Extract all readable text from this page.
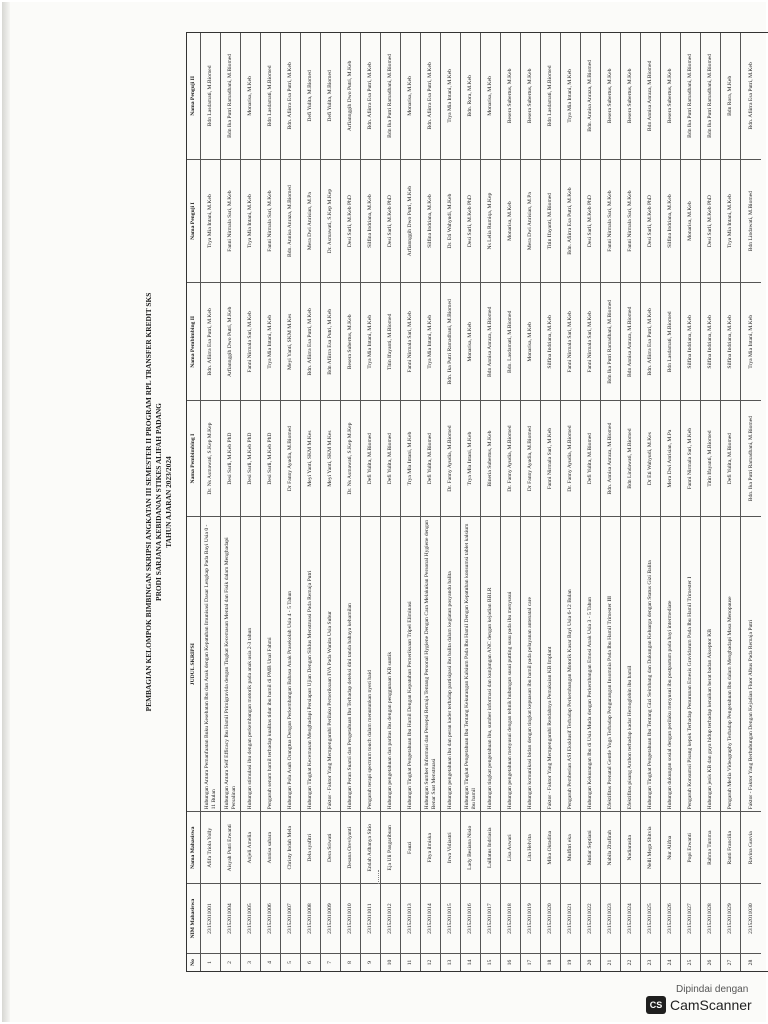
PEMBAGIAN KELOMPOK BIMBINGAN SKRIPSI ANGKATAN III SEMESTER II PROGRAM RPL TRANSFER KREDIT SKS PRODI SARJANA KEBIDANAN STIKES ALIFAH PADANG TAHUN AJARAN 2023/2024
No
NIM Mahasiswa
Nama Mahasiswa
JUDUL SKRIPSI
Nama Pembimbing I
Nama Pembimbing II
Nama Penguji I
Nama Penguji II
1
23152011001
Afifa Triola Yolly
Hubungan Antara Pemanfaatan Buku Kesehatan Ibu dan Anak dengan Kepatuhan Imunisasi Dasar Lengkap Pada Bayi Usia 0 - 11 Bulan
Dr. Ns Asmawati, S.Kep M.Kep
Bdn. Afiirra Esa Putri, M.Keb
Trya Mia Intani, M.Keb
Bdn Lasdamati, M.Biomed
2
23152011004
Aisyah Putri Erwanti
Hubungan Antara Self Efficacy Ibu Hamil Primigravida dengan Tingkat Kecemasan Mental dan Fisik dalam Menghadapi Persalinan
Desi Sarli, M.Keb PhD
Arfiannggih Dwo Putri, M.Keb
Fanni Nirmala Sari, M.Keb
Bdn Ika Putri Ramadhani, M.Biomed
3
23152011005
Anjeli Amelia
Hubungan stimulasi ibu dengan perkembangan motorik pada anak usia 2-3 tahun
Desi Sarli, M.Keb PhD
Fanni Nirmala Sari, M.Keb
Trya Mia Intani, M.Keb
Monarisa, M.Keb
4
23152011006
Annisa sahara
Pengaruh senam hamil terhadap kualitas tidur ibu hamil di PMB Unal Fahmi
Desi Sarli, M.Keb PhD
Trya Mia Intani, M.Keb
Fanni Nirmala Sari, M.Keb
Bdn Lasdamati, M.Biomed
5
23152011007
Christy Indah Mela
Hubungan Pola Asuh Orangtua Dengan Perkembangan Bahasa Anak Prasekolah Usia 4 - 5 Tahun
Dr Fanny Ayudia, M.Biomed
Meyi Yanti, SKM M.Kes
Bdn. Annisa Anraza, M.Biomed
Bdn. Afiirra Esa Putri, M.Keb
6
23152011008
Dela syafitri
Hubungan Tingkat Kecemasan Menghadapi Persiapan Ujian Dengan Siklus Menstruasi Pada Remaja Putri
Meyi Yanti, SKM M.Kes
Bdn. Afiirra Esa Putri, M.Keb
Mera Dwi Anrisian, M.Pa
Defi Yulita, M.Biomed
7
23152011009
Dera Sriwati
Faktor - Faktor Yang Mempengaruhi Perilaku Pemeriksaan IVA Pada Wanita Usia Subur
Meyi Yanti, SKM M.Kes
Bdn Afiirra Esa Putri, M.Keb
Dr. Asmawati, S.Kep M.Kep
Defi Yulita, M.Biomed
8
23152011010
Desana Oreviyanti
Hubungan Peran Suami dan Pengetahuan Ibu Terhadap deteksi dini tanda bahaya kehamilan
Dr. Ns Asmawati, S.Kep M.Kep
Besera Subertus, M.Keb
Desi Sarli, M.Keb PhD
Arfiannggih Dwo Putri, M.Keb
9
23152011011
Endah Adhanya Sitio
Pengaruh terapi spectrum touch dalam menurunkan nyeri haid
Defi Yulita, M.Biomed
Trya Mia Intani, M.Keb
Silfina Indriana, M.Keb
Bdn. Afiirra Esa Putri, M.Keb
10
23152011012
Eja Uli Pangaribuan
Hubungan pengetahuan dan paritas ibu dengan penggunaan KB suntik
Defi Yulita, M.Biomed
Titin Ifayanti, M.Biomed
Desi Sarli, M.Keb PhD
Bdn Ika Putri Ramadhani, M.Biomed
11
23152011013
Fauzi
Hubungan Tingkat Pengetahuan Ibu Hamil Dengan Kepatuhan Pemeriksaan Tripel Eliminasi
Trya Mia Intani, M.Keb
Fanni Nirmala Sari, M.Keb
Arfiannggih Dwo Putri, M.Keb
Monarisa, M.Keb
12
23152011014
Fitya ilmiska
Hubungan Sumber Informasi dan Persepsi Remaja Tentang Personal Hygiene Dengan Cara Melakukan Personal Hygiene dengan Benar Saat Menstruasi
Defi Yulita, M.Biomed
Trya Mia Intani, M.Keb
Silfina Indriana, M.Keb
Bdn. Afiirra Esa Putri, M.Keb
13
23152011015
Irwa Vidiastri
Hubungan pengetahuan ibu dan peran kader terhadap partisipasi ibu balita dalam kegiatan posyandu balita
Dr. Fanny Ayudia, M.Biomed
Bdn. Ika Putri Ramadhani, M.Biomed
Dr. Eti Wahyudi, M.Keb
Trya Mia Intani, M.Keb
14
23152011016
Lady Besiana Nisio
Hubungan Tingkat Pengetahuan Ibu Tentang Kekurangan Kalsium Pada Ibu Hamil Dengan Kepatuhan konsumsi tablet kalsium ibu hamil
Trya Mia Intani, M.Keb
Monarisa, M.Keb
Desi Sarli, M.Keb PhD
Bdn. Rora, M.Keb
15
23152011017
Laillatus Indriasia
Hubungan tingkat pengetahuan ibu, sumber informasi dan kunjungan ANC dengan kejadian BBLR
Bineria Subertus, M.Keb
Bdn Annisa Anraza, M.Biomed
Ns Lelia Rumiqa, M.Kep
Monarisa, M.Keb
16
23152011018
Lisa Aswari
Hubungan pengetahuan menyusui dengan tehnik hubungan susui putting susu pada ibu menyusui
Dr. Fanny Ayudia, M.Biomed
Bdn. Lasdamati, M.Biomed
Monarisa, M.Keb
Besera Subertus, M.Keb
17
23152011019
Lita Helvita
Hubungan komunikasi bidan dengan tingkat kepuasan ibu hamil pada pelayanan antenatal care
Dr Fanny Ayudia, M.Biomed
Monarisa, M.Keb
Mera Dwi Anrisian, M.Pa
Besera Subertus, M.Keb
18
23152011020
Mika Oktadina
Faktor - Faktor Yang Mempengaruhi Rendahnya Pemakaian KB Implant
Fanni Nirmala Sari, M.Keb
Silfina Indriana, M.Keb
Titin Ifayanti, M.Biomed
Bdn Lasdamati, M.Biomed
19
23152011021
Mulfitri eka
Pengaruh Pemberian ASI Eksklusif Terhadap Perkembangan Motorik Kasar Bayi Usia 6-12 Bulan
Dr. Fanny Ayudia, M.Biomed
Fanni Nirmala Sari, M.Keb
Bdn. Afiirra Esa Putri, M.Keb
Trya Mia Intani, M.Keb
20
23152011022
Mutiar Septiani
Hubungan Kekurangan Ibu di Usia Muda dengan Perkembangan Emosi Anak Usia 3 - 5 Tahun
Defi Yulita, M.Biomed
Fanni Nirmala Sari, M.Keb
Desi Sarli, M.Keb PhD
Bdn. Annisa Anraza, M.Biomed
21
23152011023
Nabila Zhafirah
Efektifitas Prenatal Gentle Yoga Terhadap Pengurangan Insomnia Pada Ibu Hamil Trimester III
Bdn. Annisa Anraza, M.Biomed
Bdn Ika Putri Ramadhani, M.Biomed
Fanni Nirmala Sari, M.Keb
Besera Subertus, M.Keb
22
23152011024
Nadiarasita
Efektifitas pisang Ambon terhadap kadar Hemoglobin ibu hamil
Bdn Lindawati, M.Biomed
Bdn Annisa Anraza, M.Biomed
Fanni Nirmala Sari, M.Keb
Besera Subertus, M.Keb
23
23152011025
Nelli Mega Shitvia
Hubungan Tingkat Pengetahuan Ibu Tentang Gizi Seimbang dan Dukungan Keluarga dengan Status Gizi Balita
Dr Eti Wahyudi, M.Kes
Bdn. Afiirra Esa Putri, M.Keb
Desi Sarli, M.Keb PhD
Bdn Annisa Anraza, M.Biomed
24
23152011026
Nur Alifna
Hubungan dukungan sosial dengan perilaku menyusui ibu postpartum pada bayi intermediate
Mera Dwi Anrisian, M.Pa
Bdn Lasdamati, M.Biomed
Silfina Indriana, M.Keb
Besera Subertus, M.Keb
25
23152011027
Popi Erwanti
Pengaruh Konsumsi Pisang kepok Terhadap Penurunan Emesis Gravidarum Pada Ibu Hamil Trimester I
Fanni Nirmala Sari, M.Keb
Silfina Indriana, M.Keb
Monarisa, M.Keb
Bdn Ika Putri Ramadhani, M.Biomed
26
23152011028
Rahma Tumma
Hubungan jenis KB dan gaya hidup terhadap kenaikan berat badan Akseptor KB
Titin Ifayanti, M.Biomed
Silfina Indriana, M.Keb
Desi Sarli, M.Keb PhD
Bdn Ika Putri Ramadhani, M.Biomed
27
23152011029
Ranti Francilia
Pengaruh Media Videography Terhadap Pengetahuan Ibu dalam Menghadapi Masa Menopause
Defi Yulita, M.Biomed
Silfina Indriana, M.Keb
Trya Mia Intani, M.Keb
Bdn Rora, M.Keb
28
23152011030
Ravina Gusvia
Faktor - Faktor Yang Berhubungan Dengan Kejadian Fluor Albus Pada Remaja Putri
Bdn. Ika Putri Ramadhani, M.Biomed
Trya Mia Intani, M.Keb
Bdn Lindawati, M.Biomed
Bdn. Afiirra Esa Putri, M.Keb
Dipindai dengan
CS CamScanner
